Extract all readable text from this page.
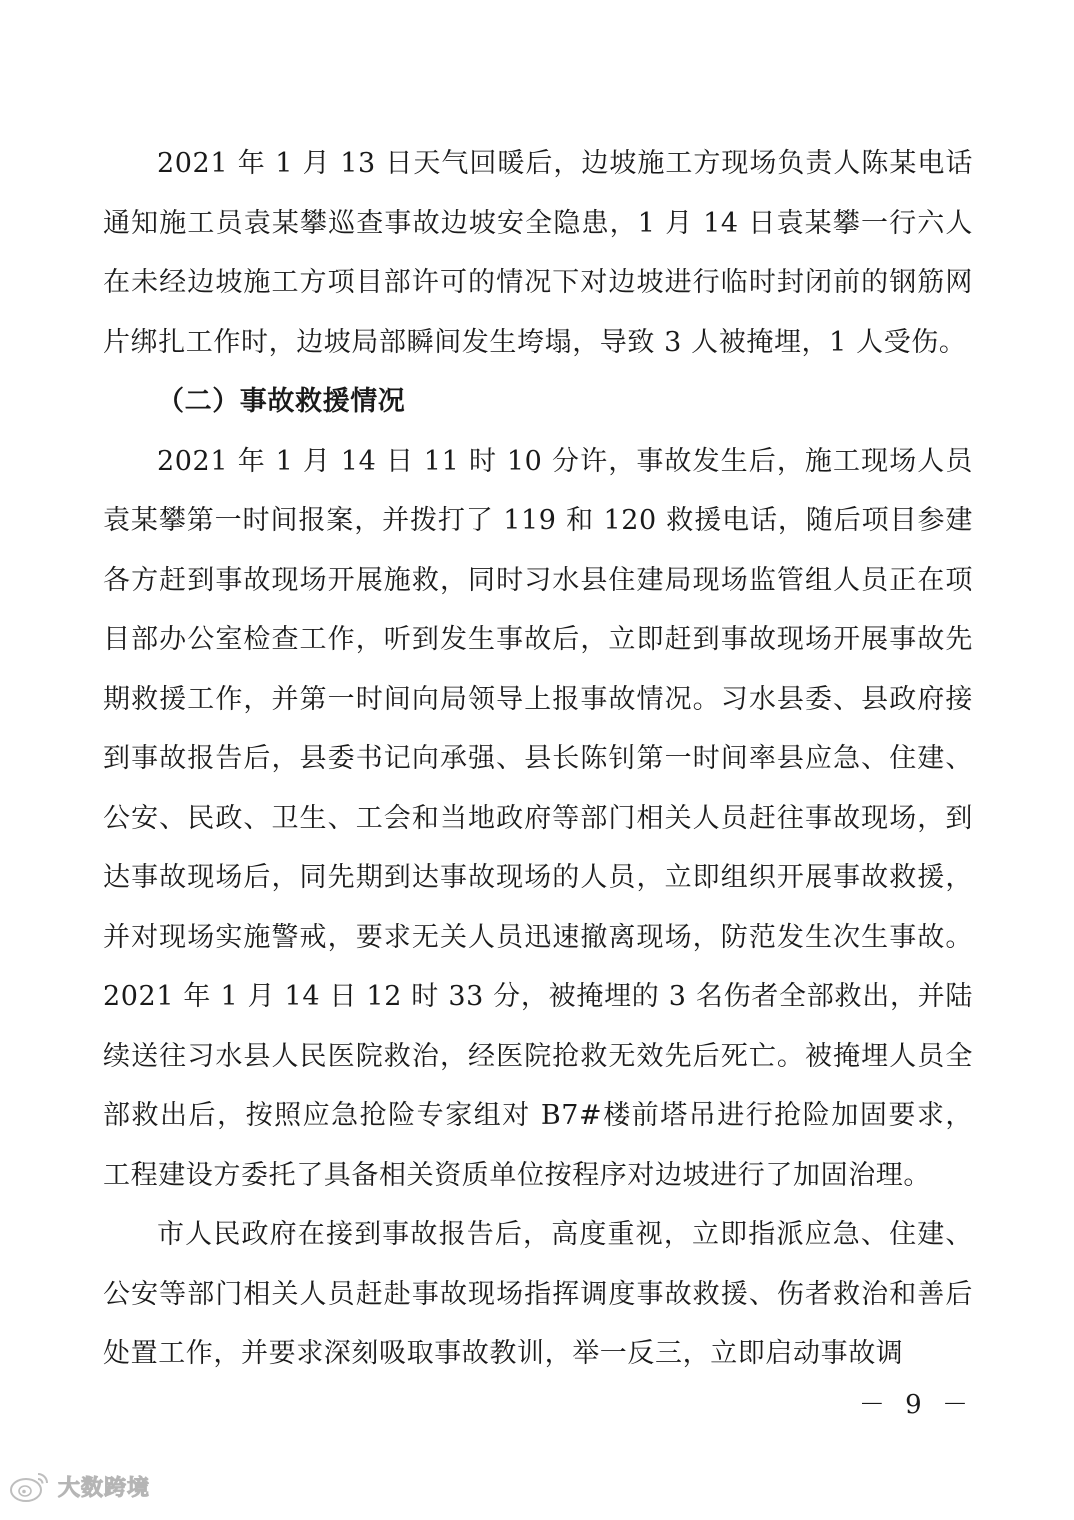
2021 年 1 月 13 日天气回暖后，边坡施工方现场负责人陈某电话通知施工员袁某攀巡查事故边坡安全隐患，1 月 14 日袁某攀一行六人在未经边坡施工方项目部许可的情况下对边坡进行临时封闭前的钢筋网片绑扎工作时，边坡局部瞬间发生垮塌，导致 3 人被掩埋，1 人受伤。

（二）事故救援情况

2021 年 1 月 14 日 11 时 10 分许，事故发生后，施工现场人员袁某攀第一时间报案，并拨打了 119 和 120 救援电话，随后项目参建各方赶到事故现场开展施救，同时习水县住建局现场监管组人员正在项目部办公室检查工作，听到发生事故后，立即赶到事故现场开展事故先期救援工作，并第一时间向局领导上报事故情况。习水县委、县政府接到事故报告后，县委书记向承强、县长陈钊第一时间率县应急、住建、公安、民政、卫生、工会和当地政府等部门相关人员赶往事故现场，到达事故现场后，同先期到达事故现场的人员，立即组织开展事故救援，并对现场实施警戒，要求无关人员迅速撤离现场，防范发生次生事故。2021 年 1 月 14 日 12 时 33 分，被掩埋的 3 名伤者全部救出，并陆续送往习水县人民医院救治，经医院抢救无效先后死亡。被掩埋人员全部救出后，按照应急抢险专家组对 B7#楼前塔吊进行抢险加固要求，工程建设方委托了具备相关资质单位按程序对边坡进行了加固治理。

市人民政府在接到事故报告后，高度重视，立即指派应急、住建、公安等部门相关人员赶赴事故现场指挥调度事故救援、伤者救治和善后处置工作，并要求深刻吸取事故教训，举一反三，立即启动事故调

－ 9 －
大数跨境
